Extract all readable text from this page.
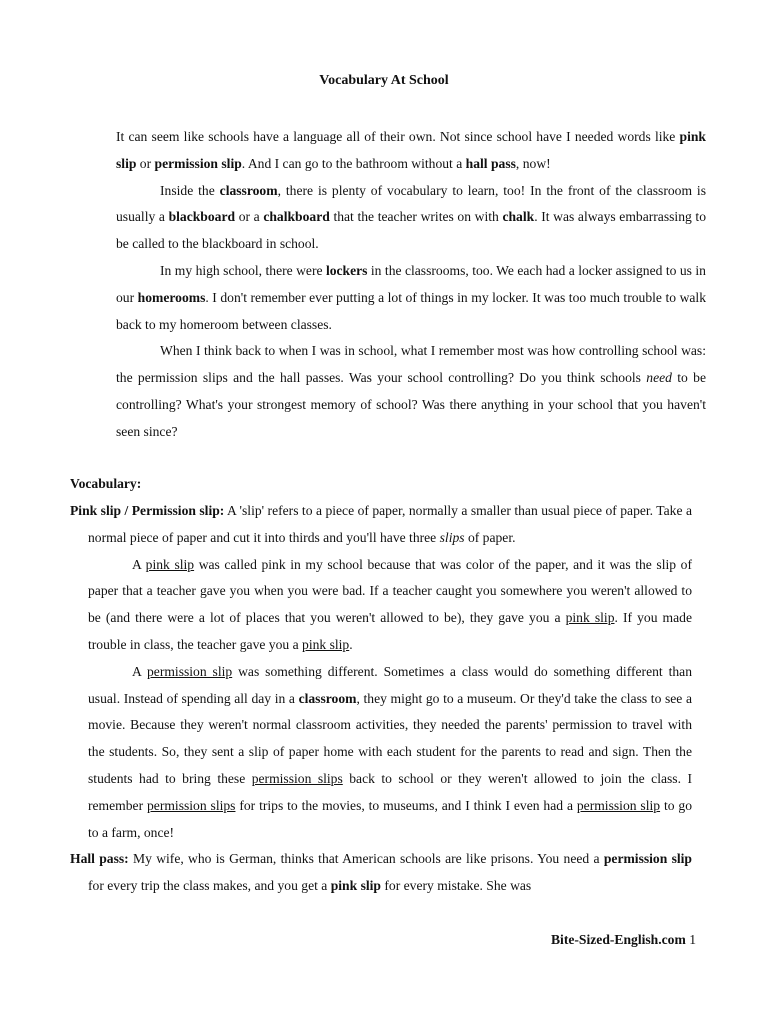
Vocabulary At School

It can seem like schools have a language all of their own. Not since school have I needed words like pink slip or permission slip. And I can go to the bathroom without a hall pass, now!

Inside the classroom, there is plenty of vocabulary to learn, too! In the front of the classroom is usually a blackboard or a chalkboard that the teacher writes on with chalk. It was always embarrassing to be called to the blackboard in school.

In my high school, there were lockers in the classrooms, too. We each had a locker assigned to us in our homerooms. I don't remember ever putting a lot of things in my locker. It was too much trouble to walk back to my homeroom between classes.

When I think back to when I was in school, what I remember most was how controlling school was: the permission slips and the hall passes. Was your school controlling? Do you think schools need to be controlling? What's your strongest memory of school? Was there anything in your school that you haven't seen since?

Vocabulary:

Pink slip / Permission slip: A 'slip' refers to a piece of paper, normally a smaller than usual piece of paper. Take a normal piece of paper and cut it into thirds and you'll have three slips of paper.

A pink slip was called pink in my school because that was color of the paper, and it was the slip of paper that a teacher gave you when you were bad. If a teacher caught you somewhere you weren't allowed to be (and there were a lot of places that you weren't allowed to be), they gave you a pink slip. If you made trouble in class, the teacher gave you a pink slip.

A permission slip was something different. Sometimes a class would do something different than usual. Instead of spending all day in a classroom, they might go to a museum. Or they'd take the class to see a movie. Because they weren't normal classroom activities, they needed the parents' permission to travel with the students. So, they sent a slip of paper home with each student for the parents to read and sign. Then the students had to bring these permission slips back to school or they weren't allowed to join the class. I remember permission slips for trips to the movies, to museums, and I think I even had a permission slip to go to a farm, once!

Hall pass: My wife, who is German, thinks that American schools are like prisons. You need a permission slip for every trip the class makes, and you get a pink slip for every mistake. She was

Bite-Sized-English.com 1
